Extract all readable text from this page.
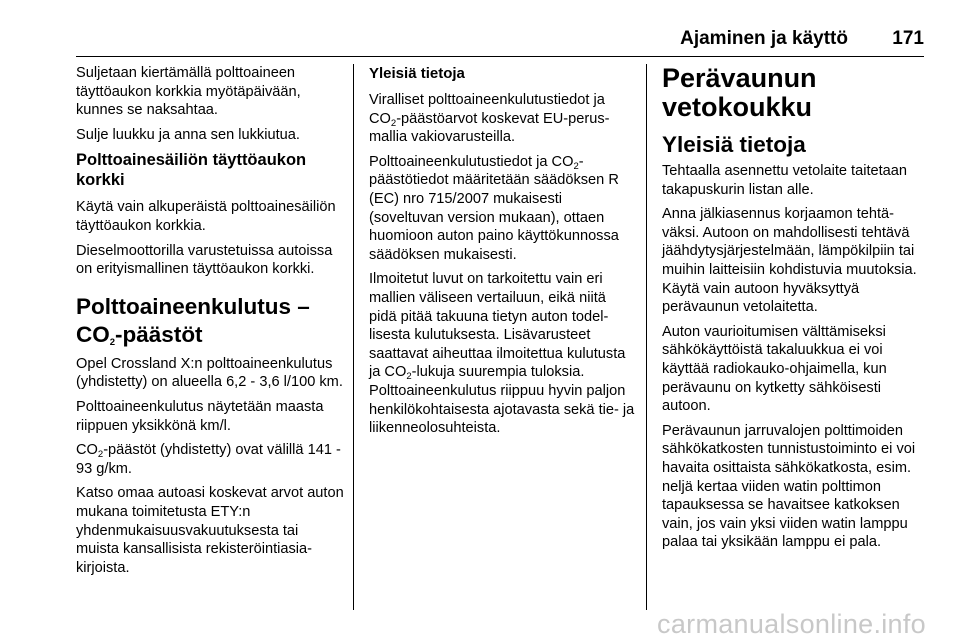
Ajaminen ja käyttö 171

Suljetaan kiertämällä polttoaineen täyttöaukon korkkia myötäpäivään, kunnes se naksahtaa.

Sulje luukku ja anna sen lukkiutua.

Polttoainesäiliön täyttöaukon korkki

Käytä vain alkuperäistä polttoainesäiliön täyttöaukon korkkia.

Dieselmoottorilla varustetuissa autoissa on erityismallinen täyttöaukon korkki.

Polttoaineenkulutus – $CO_2$-päästöt

Opel Crossland X:n polttoaineenkulutus (yhdistetty) on alueella 6,2 - 3,6 l/100 km.

Polttoaineenkulutus näytetään maasta riippuen yksikkönä km/l.

$CO_2$-päästöt (yhdistetty) ovat välillä 141 - 93 g/km.

Katso omaa autoasi koskevat arvot auton mukana toimitetusta ETY:n yhdenmukaisuusvakuutuksesta tai muista kansallisista rekisteröintiasiakirjoista.

Yleisiä tietoja

Viralliset polttoaineenkulutustiedot ja $CO_2$-päästöarvot koskevat EU-perusmallia vakiovarusteilla.

Polttoaineenkulutustiedot ja $CO_2$-päästötiedot määritetään säädöksen R (EC) nro 715/2007 mukaisesti (soveltuvan version mukaan), ottaen huomioon auton paino käyttökunnossa säädöksen mukaisesti.

Ilmoitetut luvut on tarkoitettu vain eri mallien väliseen vertailuun, eikä niitä pidä pitää takuuna tietyn auton todellisesta kulutuksesta. Lisävarusteet saattavat aiheuttaa ilmoitettua kulutusta ja $CO_2$-lukuja suurempia tuloksia. Polttoaineenkulutus riippuu hyvin paljon henkilökohtaisesta ajotavasta sekä tie- ja liikenneolosuhteista.

Perävaunun vetokoukku
Yleisiä tietoja

Tehtaalla asennettu vetolaite taitetaan takapuskurin listan alle.

Anna jälkiasennus korjaamon tehtäväksi. Autoon on mahdollisesti tehtävä jäähdytysjärjestelmään, lämpökilpiin tai muihin laitteisiin kohdistuvia muutoksia. Käytä vain autoon hyväksyttyä perävaunun vetolaitetta.

Auton vaurioitumisen välttämiseksi sähkökäyttöistä takaluukkua ei voi käyttää radiokauko-ohjaimella, kun perävaunu on kytketty sähköisesti autoon.

Perävaunun jarruvalojen polttimoiden sähkökatkosten tunnistustoiminto ei voi havaita osittaista sähkökatkosta, esim. neljä kertaa viiden watin polttimon tapauksessa se havaitsee katkoksen vain, jos vain yksi viiden watin lamppu palaa tai yksikään lamppu ei pala.

carmanualsonline.info
